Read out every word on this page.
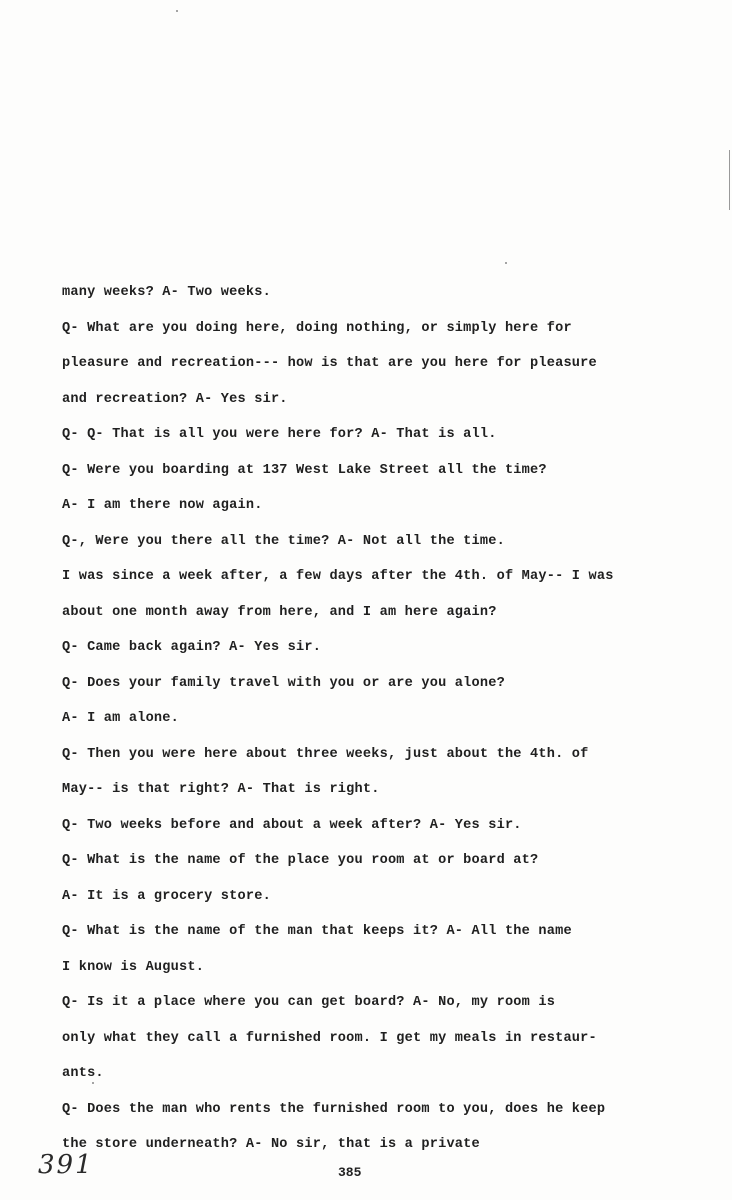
many weeks? A- Two weeks.
Q- What are you doing here, doing nothing, or simply here for
pleasure and recreation--- how is that are you here for pleasure
and recreation? A- Yes sir.
Q- Q- That is all you were here for? A- That is all.
Q- Were you boarding at 137 West Lake Street all the time?
A- I am there now again.
Q-, Were you there all the time? A- Not all the time.
I was since a week after, a few days after the 4th. of May-- I was
about one month away from here, and I am here again?
Q- Came back again? A- Yes sir.
Q- Does your family travel with you or are you alone?
A- I am alone.
Q- Then you were here about three weeks, just about the 4th. of
May-- is that right? A- That is right.
Q- Two weeks before and about a week after? A- Yes sir.
Q- What is the name of the place you room at or board at?
A- It is a grocery store.
Q- What is the name of the man that keeps it? A- All the name
I know is August.
Q- Is it a place where you can get board? A- No, my room is
only what they call a furnished room. I get my meals in restaur-
ants.
Q- Does the man who rents the furnished room to you, does he keep
the store underneath? A- No sir, that is a private
391	385
